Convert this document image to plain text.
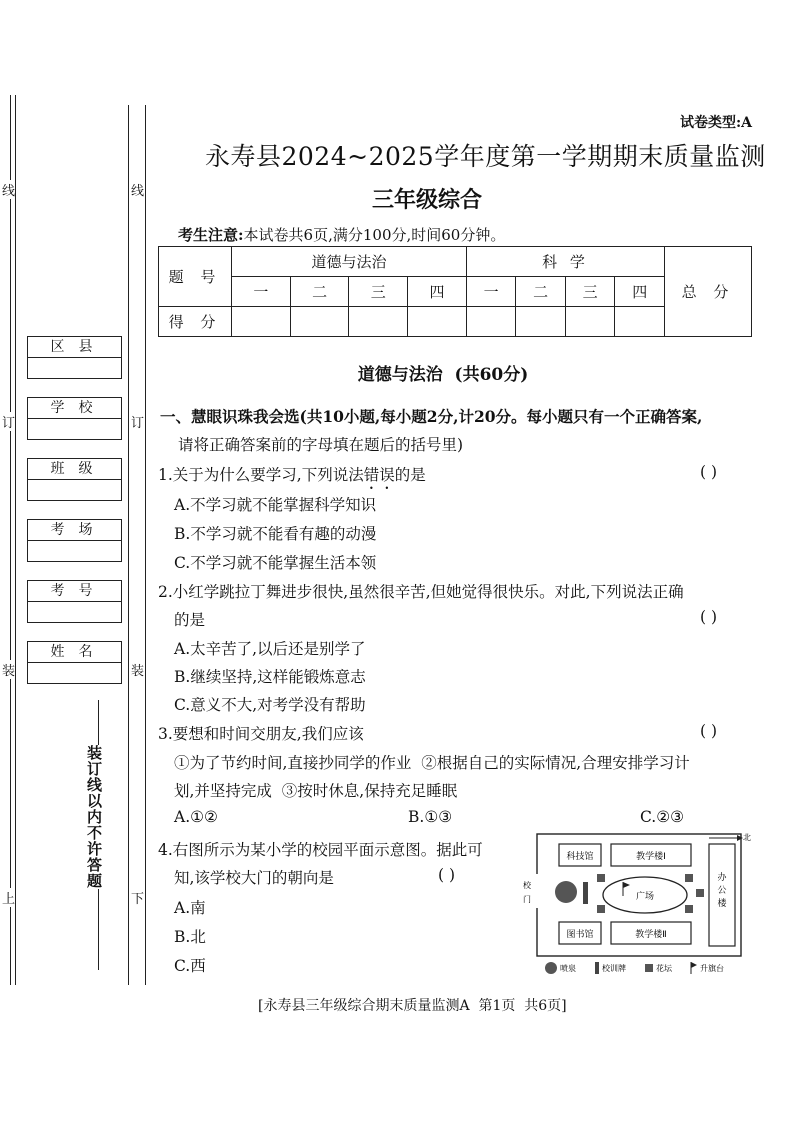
线	线
订	订
装	装
上	下
区县
学校
班级
考场
考号
姓名
装订线以内不许答题
试卷类型:A
永寿县2024~2025学年度第一学期期末质量监测
三年级综合
考生注意:本试卷共6页,满分100分,时间60分钟。
题 号	道德与法治				科 学				总 分
	一	二	三	四	一	二	三	四	
得 分									
道德与法治  (共60分)
一、慧眼识珠我会选(共10小题,每小题2分,计20分。每小题只有一个正确答案,
请将正确答案前的字母填在题后的括号里)
1.关于为什么要学习,下列说法错误的是	( )
A.不学习就不能掌握科学知识
B.不学习就不能看有趣的动漫
C.不学习就不能掌握生活本领
2.小红学跳拉丁舞进步很快,虽然很辛苦,但她觉得很快乐。对此,下列说法正确
的是	( )
A.太辛苦了,以后还是别学了
B.继续坚持,这样能锻炼意志
C.意义不大,对考学没有帮助
3.要想和时间交朋友,我们应该	( )
①为了节约时间,直接抄同学的作业  ②根据自己的实际情况,合理安排学习计
划,并坚持完成  ③按时休息,保持充足睡眠
A.①②	B.①③	C.②③
4.右图所示为某小学的校园平面示意图。据此可
知,该学校大门的朝向是	( )
A.南
B.北
C.西
北
科技馆	教学楼Ⅰ
图书馆	教学楼Ⅱ
办公楼
广场
校门
喷泉	校训牌	花坛	升旗台
[永寿县三年级综合期末质量监测A  第1页  共6页]
